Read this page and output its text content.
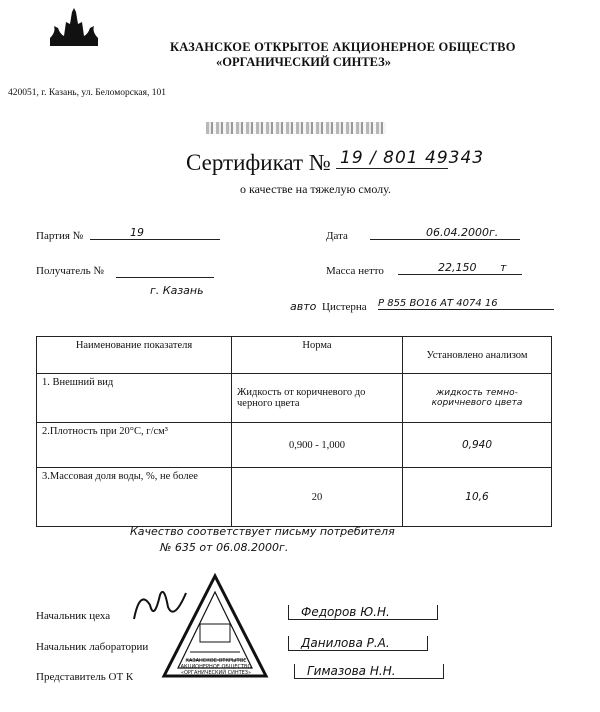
КАЗАНСКОЕ ОТКРЫТОЕ АКЦИОНЕРНОЕ ОБЩЕСТВО
«ОРГАНИЧЕСКИЙ СИНТЕЗ»
420051, г. Казань, ул. Беломорская, 101
Сертификат № 19 / 801 49343
о качестве на тяжелую смолу.
Партия №	19	Дата	06.04.2000г.
Получатель №
г. Казань
Масса нетто	22,150 т
авто Цистерна Р 855 ВО16 АТ 4074 16
Наименование показателя	Норма	Установлено анализом
1. Внешний вид	Жидкость от коричневого до черного цвета	жидкость темно-коричневого цвета
2.Плотность при 20°С, г/см³	0,900 - 1,000	0,940
3.Массовая доля воды, %, не более	20	10,6
Качество соответствует письму потребителя
№ 635 от 06.08.2000г.
КАЗАНСКОЕ ОТКРЫТОЕ АКЦИОНЕРНОЕ ОБЩЕСТВО «ОРГАНИЧЕСКИЙ СИНТЕЗ»
Начальник цеха	Федоров Ю.Н.
Начальник лаборатории	Данилова Р.А.
Представитель ОТ К	Гимазова Н.Н.
